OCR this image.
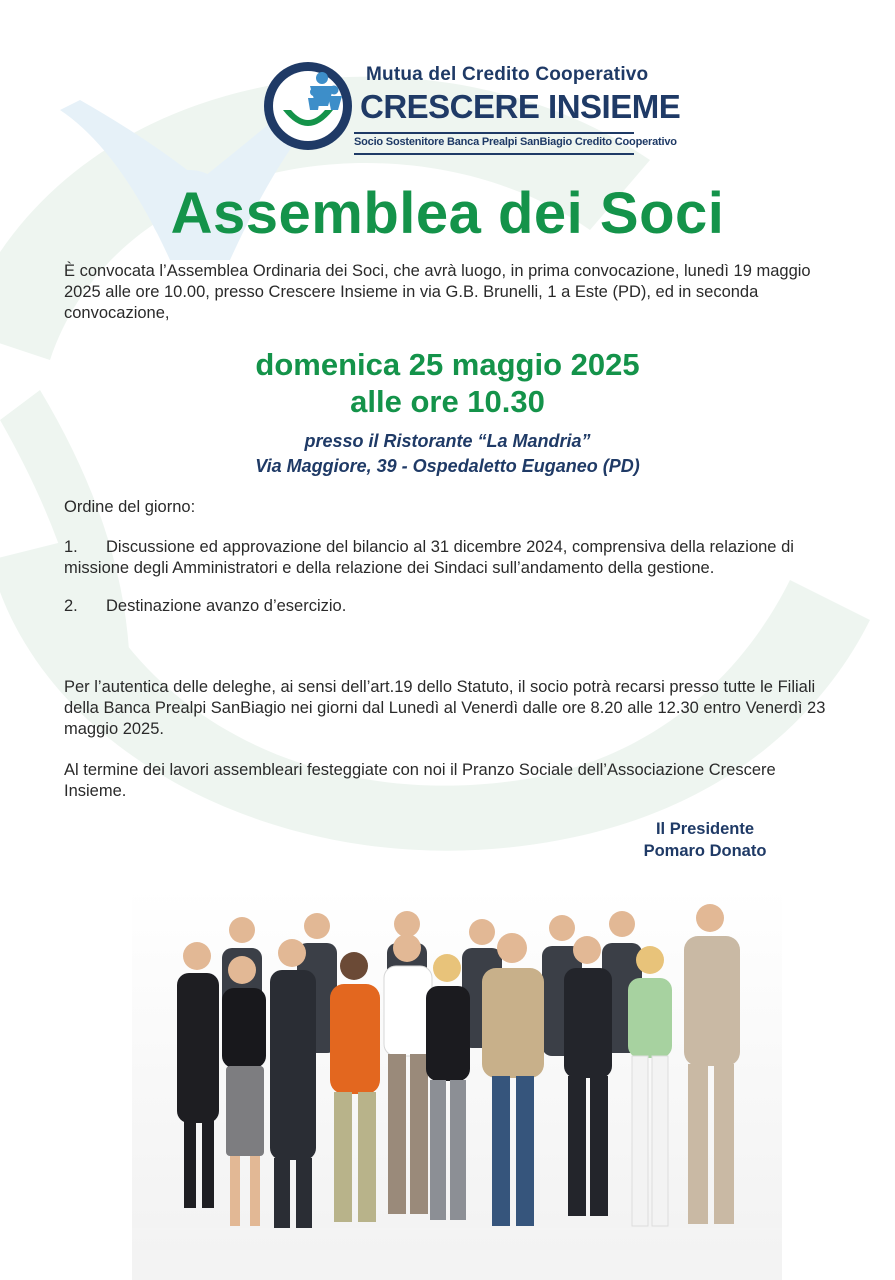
Mutua del Credito Cooperativo
CRESCERE INSIEME
Socio Sostenitore Banca Prealpi SanBiagio Credito Cooperativo
Assemblea dei Soci
È convocata l’Assemblea Ordinaria dei Soci, che avrà luogo, in prima convocazione, lunedì 19 maggio 2025 alle ore 10.00, presso Crescere Insieme in via G.B. Brunelli, 1 a Este (PD), ed in seconda convocazione,
domenica 25 maggio 2025
alle ore 10.30
presso il Ristorante “La Mandria”
Via Maggiore, 39 - Ospedaletto Euganeo (PD)
Ordine del giorno:
1. Discussione ed approvazione del bilancio al 31 dicembre 2024, comprensiva della relazione di missione degli Amministratori e della relazione dei Sindaci sull’andamento della gestione.
2. Destinazione avanzo d’esercizio.
Per l’autentica delle deleghe, ai sensi dell’art.19 dello Statuto, il socio potrà recarsi presso tutte le Filiali della Banca Prealpi SanBiagio nei giorni dal Lunedì al Venerdì dalle ore 8.20 alle 12.30 entro Venerdì 23 maggio 2025.
Al termine dei lavori assembleari festeggiate con noi il Pranzo Sociale dell’Associazione Crescere Insieme.
Il Presidente
Pomaro Donato
